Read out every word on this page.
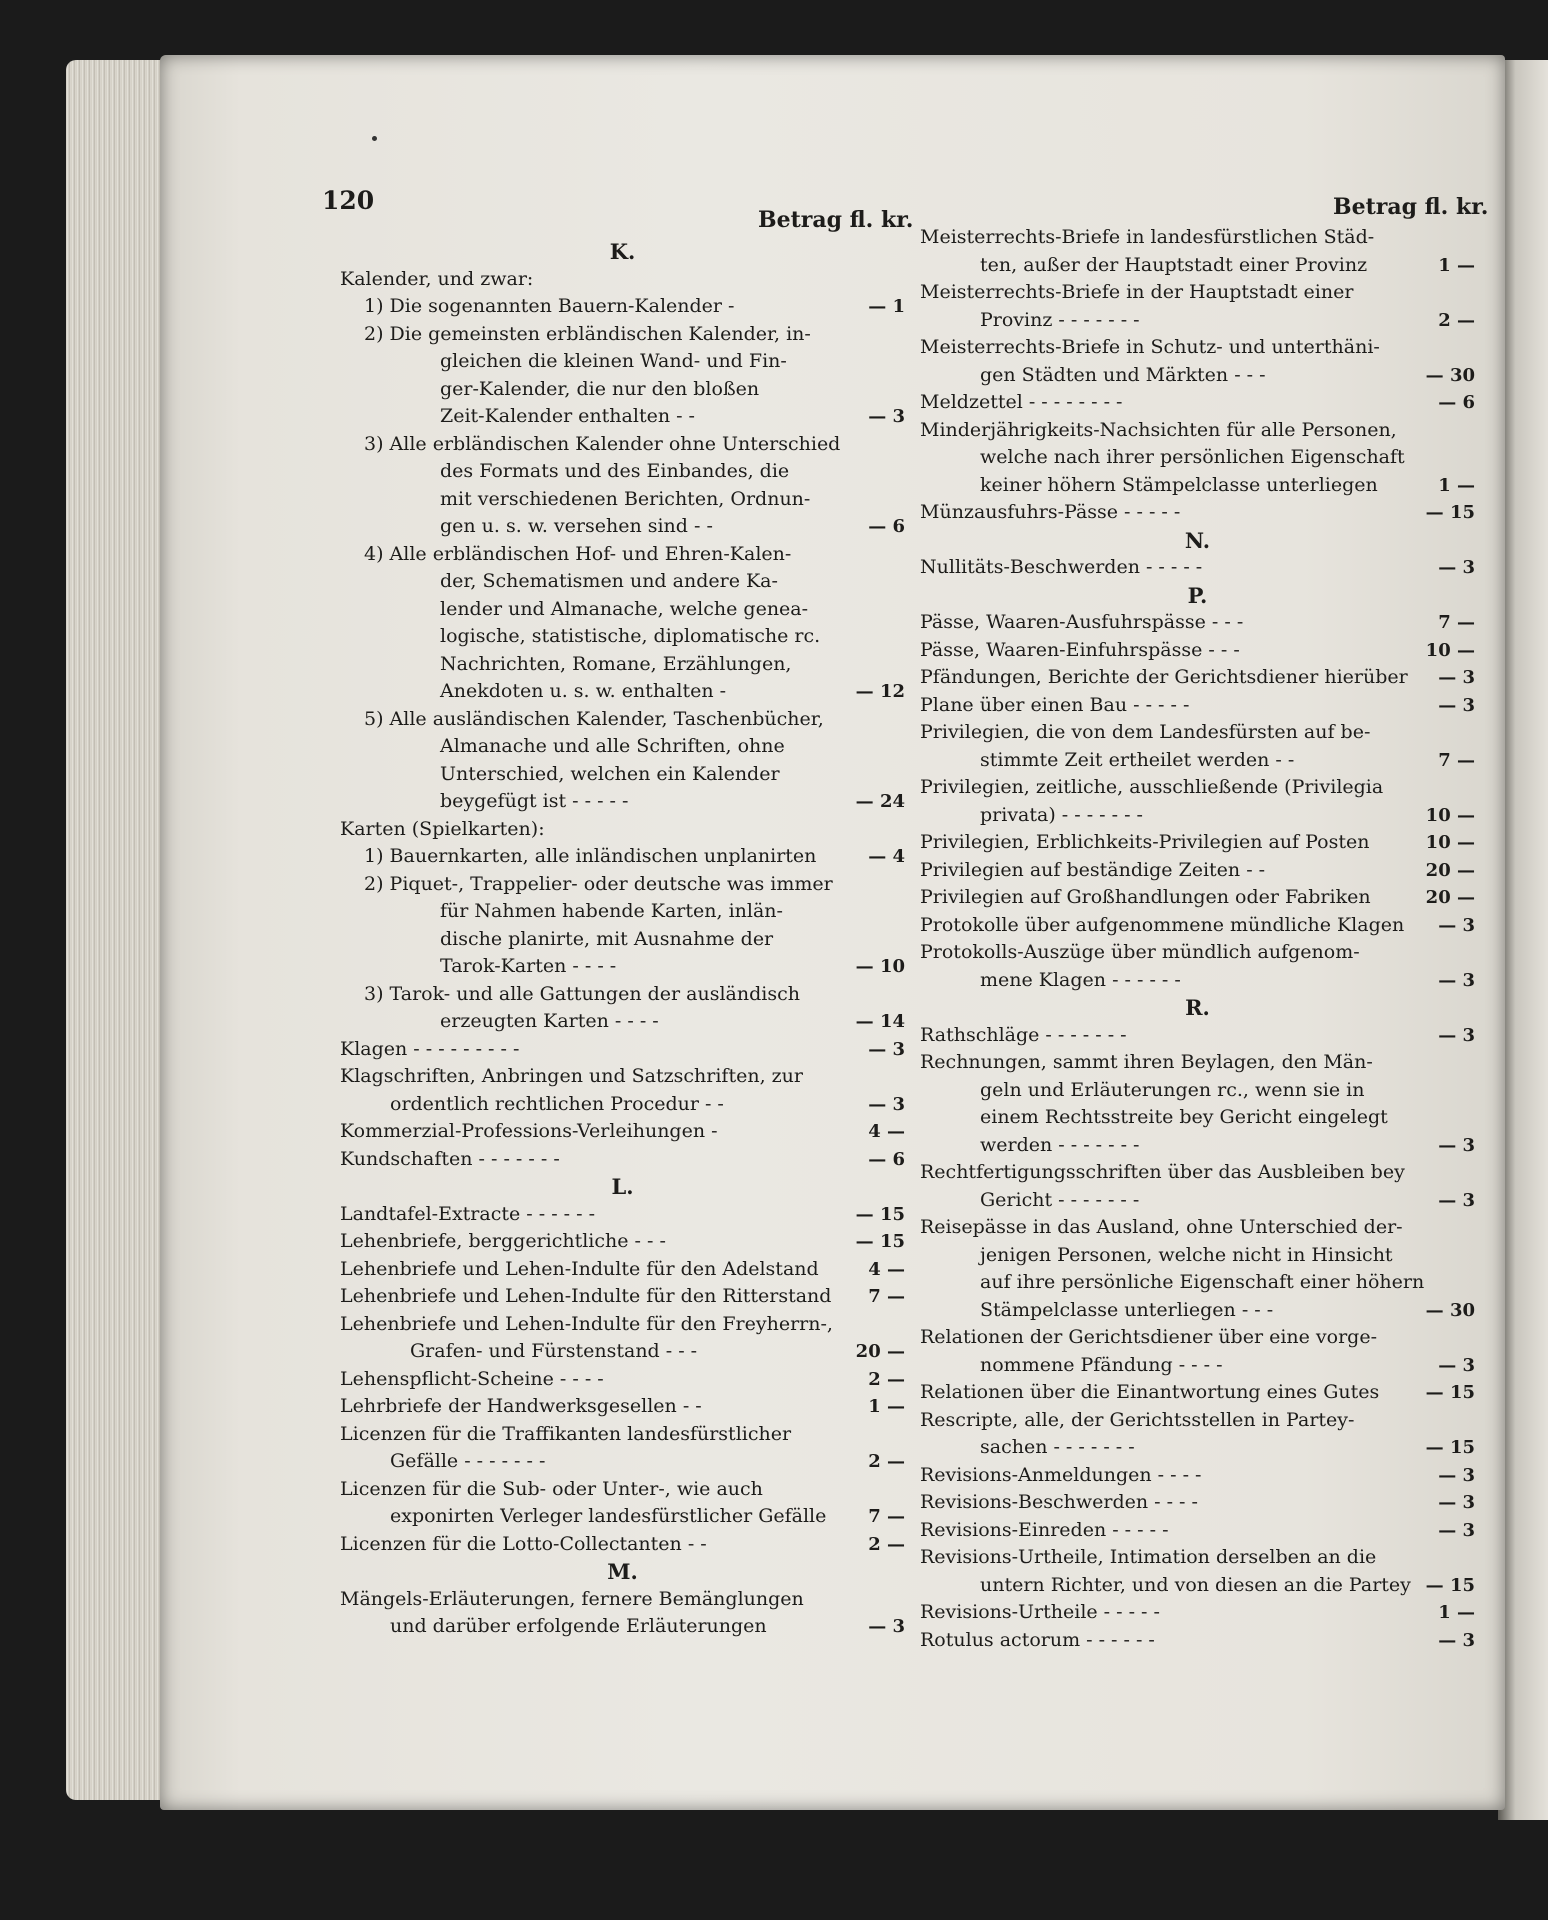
120
Betrag fl. kr.	Betrag fl. kr.
K.
Kalender, und zwar:
1) Die sogenannten Bauern-Kalender -	— 1
2) Die gemeinsten erbländischen Kalender, in-
gleichen die kleinen Wand- und Fin-
ger-Kalender, die nur den bloßen
Zeit-Kalender enthalten - -	— 3
3) Alle erbländischen Kalender ohne Unterschied
des Formats und des Einbandes, die
mit verschiedenen Berichten, Ordnun-
gen u. s. w. versehen sind - -	— 6
4) Alle erbländischen Hof- und Ehren-Kalen-
der, Schematismen und andere Ka-
lender und Almanache, welche genea-
logische, statistische, diplomatische rc.
Nachrichten, Romane, Erzählungen,
Anekdoten u. s. w. enthalten -	— 12
5) Alle ausländischen Kalender, Taschenbücher,
Almanache und alle Schriften, ohne
Unterschied, welchen ein Kalender
beygefügt ist - - - - -	— 24
Karten (Spielkarten):
1) Bauernkarten, alle inländischen unplanirten	— 4
2) Piquet-, Trappelier- oder deutsche was immer
für Nahmen habende Karten, inlän-
dische planirte, mit Ausnahme der
Tarok-Karten - - - -	— 10
3) Tarok- und alle Gattungen der ausländisch
erzeugten Karten - - - -	— 14
Klagen - - - - - - - - -	— 3
Klagschriften, Anbringen und Satzschriften, zur
ordentlich rechtlichen Procedur - -	— 3
Kommerzial-Professions-Verleihungen -	4 —
Kundschaften - - - - - - -	— 6
L.
Landtafel-Extracte - - - - - -	— 15
Lehenbriefe, berggerichtliche - - -	— 15
Lehenbriefe und Lehen-Indulte für den Adelstand	4 —
Lehenbriefe und Lehen-Indulte für den Ritterstand 7 —
Lehenbriefe und Lehen-Indulte für den Freyherrn-,
Grafen- und Fürstenstand - - -	20 —
Lehenspflicht-Scheine - - - -	2 —
Lehrbriefe der Handwerksgesellen - -	1 —
Licenzen für die Traffikanten landesfürstlicher
Gefälle - - - - - - -	2 —
Licenzen für die Sub- oder Unter-, wie auch
exponirten Verleger landesfürstlicher Gefälle 7 —
Licenzen für die Lotto-Collectanten - -	2 —
M.
Mängels-Erläuterungen, fernere Bemänglungen
und darüber erfolgende Erläuterungen	— 3
Meisterrechts-Briefe in landesfürstlichen Städ-
ten, außer der Hauptstadt einer Provinz	1 —
Meisterrechts-Briefe in der Hauptstadt einer
Provinz - - - - - - -	2 —
Meisterrechts-Briefe in Schutz- und unterthäni-
gen Städten und Märkten - - -	— 30
Meldzettel - - - - - - - -	— 6
Minderjährigkeits-Nachsichten für alle Personen,
welche nach ihrer persönlichen Eigenschaft
keiner höhern Stämpelclasse unterliegen	1 —
Münzausfuhrs-Pässe - - - - -	— 15
N.
Nullitäts-Beschwerden - - - - -	— 3
P.
Pässe, Waaren-Ausfuhrspässe - - -	7 —
Pässe, Waaren-Einfuhrspässe - - -	10 —
Pfändungen, Berichte der Gerichtsdiener hierüber — 3
Plane über einen Bau - - - - -	— 3
Privilegien, die von dem Landesfürsten auf be-
stimmte Zeit ertheilet werden - -	7 —
Privilegien, zeitliche, ausschließende (Privilegia
privata) - - - - - - -	10 —
Privilegien, Erblichkeits-Privilegien auf Posten	10 —
Privilegien auf beständige Zeiten - -	20 —
Privilegien auf Großhandlungen oder Fabriken	20 —
Protokolle über aufgenommene mündliche Klagen — 3
Protokolls-Auszüge über mündlich aufgenom-
mene Klagen - - - - - -	— 3
R.
Rathschläge - - - - - - -	— 3
Rechnungen, sammt ihren Beylagen, den Män-
geln und Erläuterungen rc., wenn sie in
einem Rechtsstreite bey Gericht eingelegt
werden - - - - - - -	— 3
Rechtfertigungsschriften über das Ausbleiben bey
Gericht - - - - - - -	— 3
Reisepässe in das Ausland, ohne Unterschied der-
jenigen Personen, welche nicht in Hinsicht
auf ihre persönliche Eigenschaft einer höhern
Stämpelclasse unterliegen - - -	— 30
Relationen der Gerichtsdiener über eine vorge-
nommene Pfändung - - - -	— 3
Relationen über die Einantwortung eines Gutes	— 15
Rescripte, alle, der Gerichtsstellen in Partey-
sachen - - - - - - -	— 15
Revisions-Anmeldungen - - - -	— 3
Revisions-Beschwerden - - - -	— 3
Revisions-Einreden - - - - -	— 3
Revisions-Urtheile, Intimation derselben an die
untern Richter, und von diesen an die Partey — 15
Revisions-Urtheile - - - - -	1 —
Rotulus actorum - - - - - -	— 3
